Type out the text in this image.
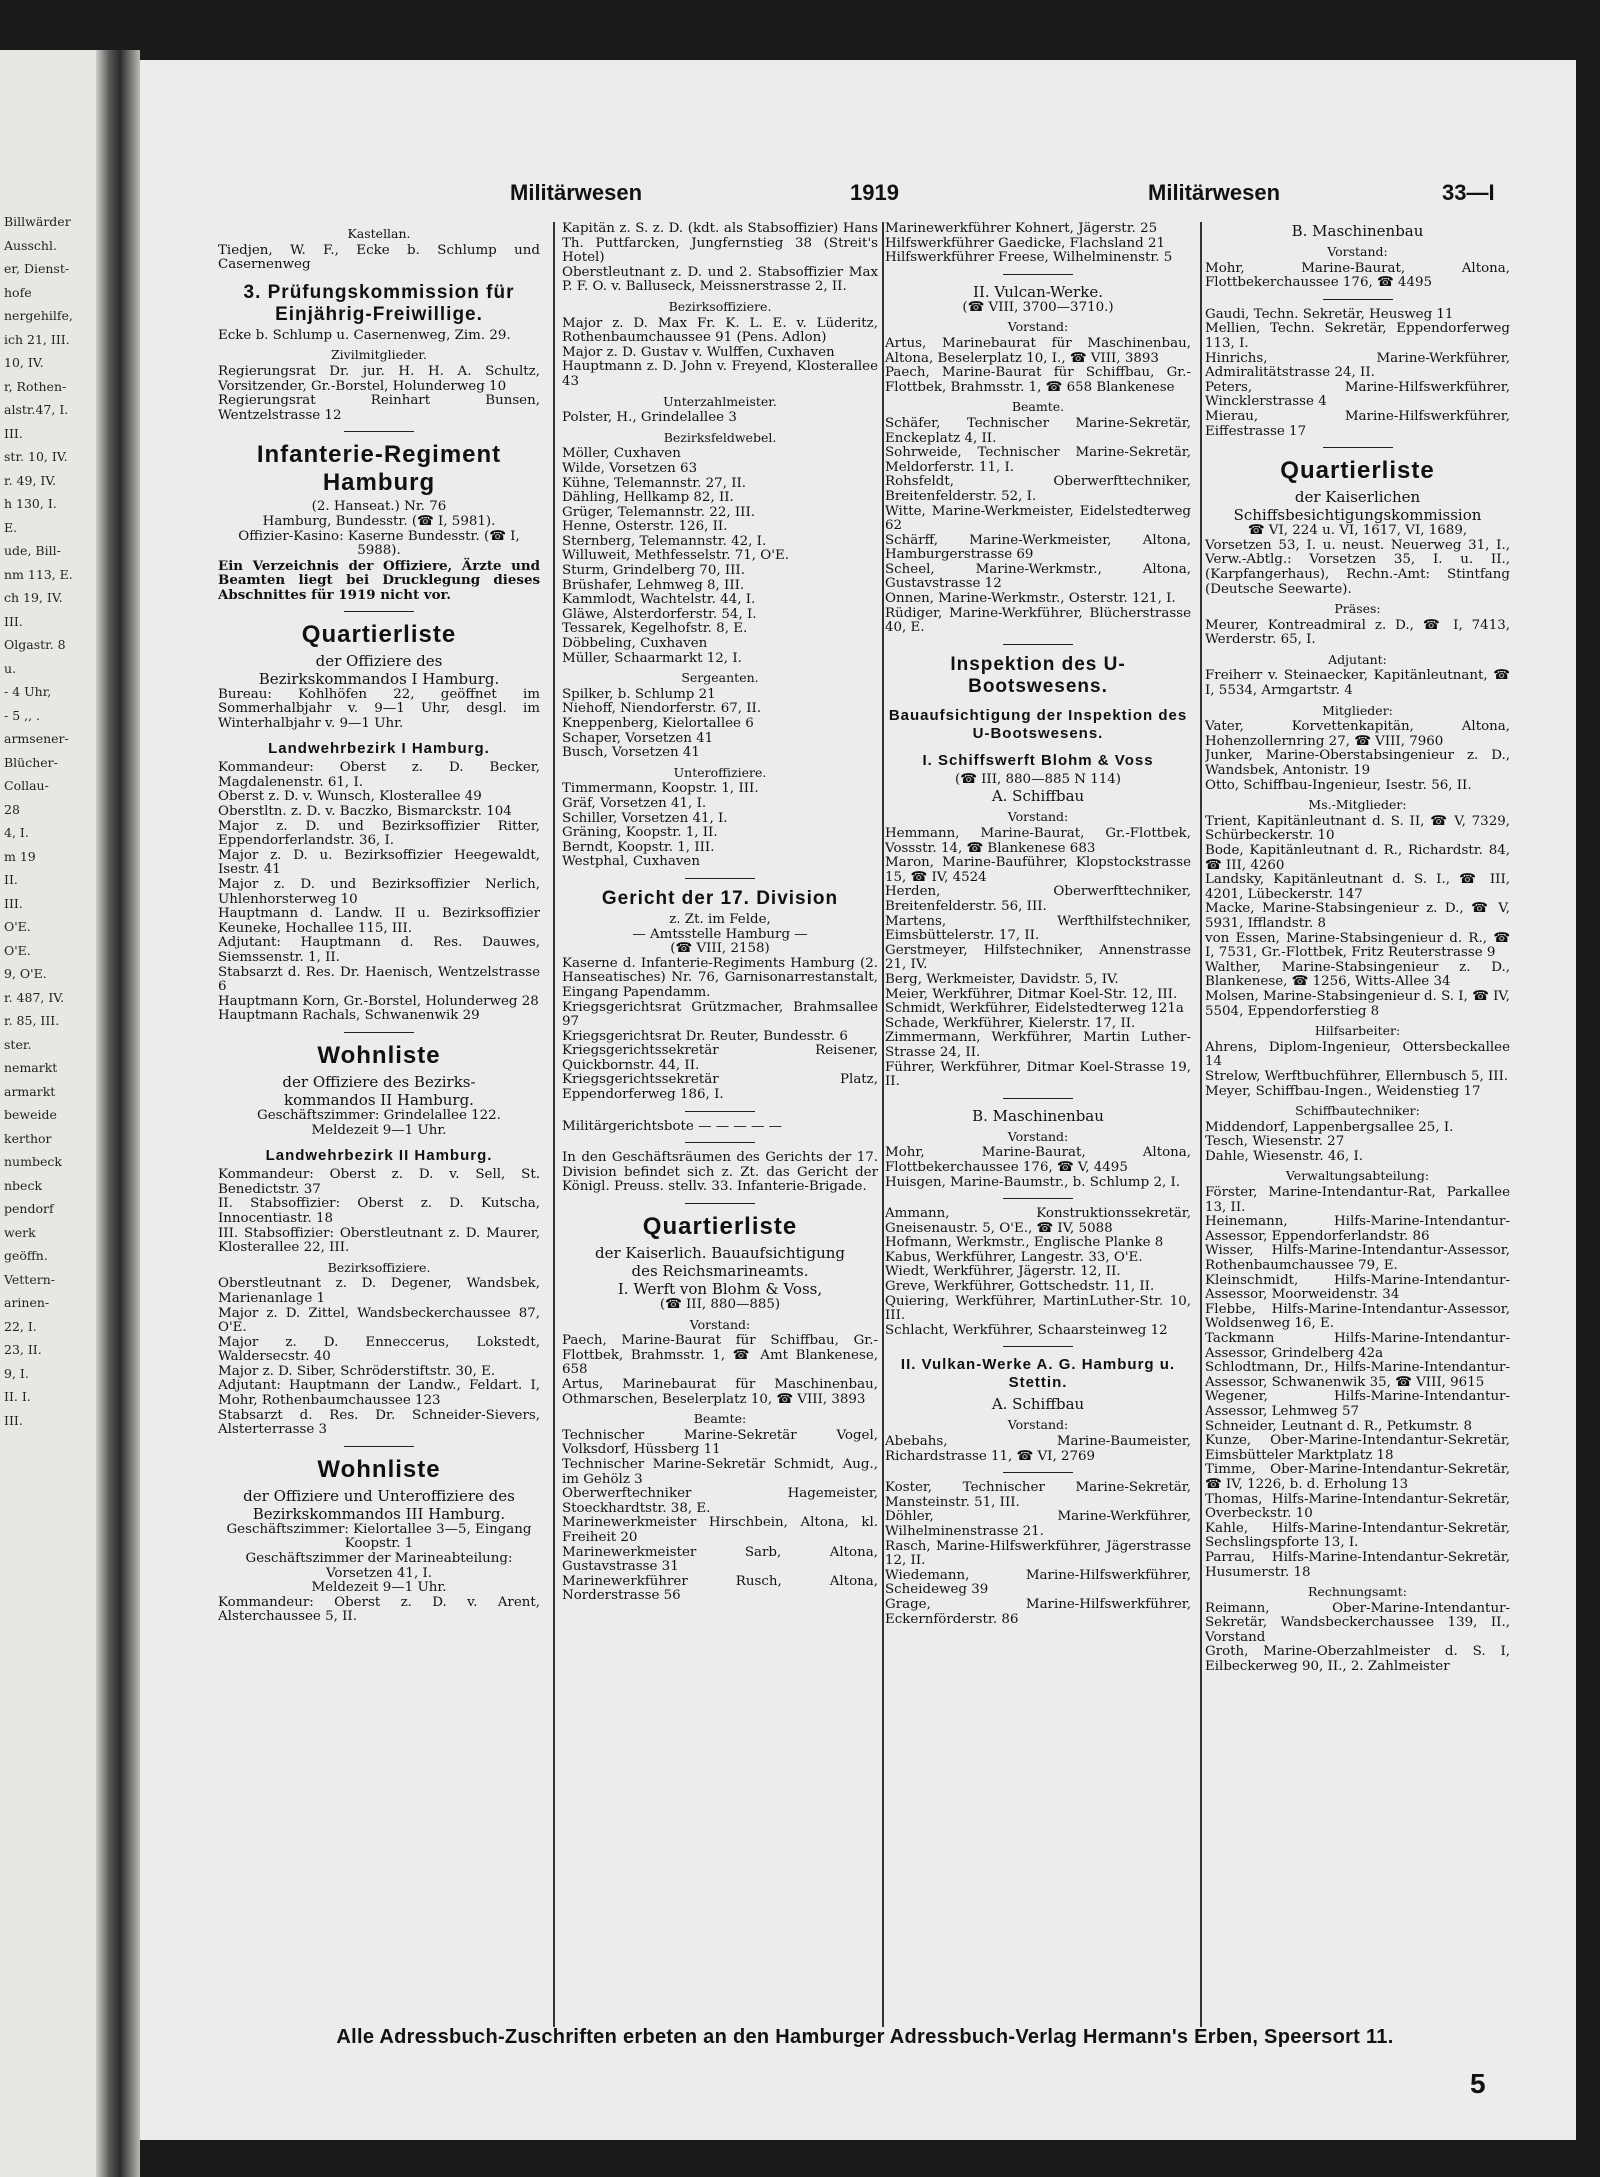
Billwärder
Ausschl.
er, Dienst-
hofe
nergehilfe,
ich 21, III.
10, IV.
r, Rothen-
alstr.47, I.
III.
str. 10, IV.
r. 49, IV.
h 130, I.
E.
ude, Bill-
nm 113, E.
ch 19, IV.
III.
Olgastr. 8
u.
- 4 Uhr,
- 5 ,, .
armsener-
Blücher-
Collau-
28
4, I.
m 19
II.
III.
O'E.
O'E.
9, O'E.
r. 487, IV.
r. 85, III.
ster.
nemarkt
armarkt
beweide
kerthor
numbeck
nbeck
pendorf
werk
geöffn.
Vettern-
arinen-
22, I.
23, II.
9, I.
II. I.
III.
Militärwesen	1919	Militärwesen	33—I
Kastellan.
Tiedjen, W. F., Ecke b. Schlump und Casernenweg
3. Prüfungskommission für Einjährig-Freiwillige.
Ecke b. Schlump u. Casernenweg, Zim. 29.
Zivilmitglieder.
Regierungsrat Dr. jur. H. H. A. Schultz, Vorsitzender, Gr.-Borstel, Holunderweg 10
Regierungsrat Reinhart Bunsen, Wentzelstrasse 12
Infanterie-Regiment Hamburg
(2. Hanseat.) Nr. 76
Hamburg, Bundesstr. (☎ I, 5981).
Offizier-Kasino: Kaserne Bundesstr. (☎ I, 5988).
Ein Verzeichnis der Offiziere, Ärzte und Beamten liegt bei Drucklegung dieses Abschnittes für 1919 nicht vor.
Quartierliste
der Offiziere des
Bezirkskommandos I Hamburg.
Bureau: Kohlhöfen 22, geöffnet im Sommerhalbjahr v. 9—1 Uhr, desgl. im Winterhalbjahr v. 9—1 Uhr.
Landwehrbezirk I Hamburg.
Kommandeur: Oberst z. D. Becker, Magdalenenstr. 61, I.
Oberst z. D. v. Wunsch, Klosterallee 49
Oberstltn. z. D. v. Baczko, Bismarckstr. 104
Major z. D. und Bezirksoffizier Ritter, Eppendorferlandstr. 36, I.
Major z. D. u. Bezirksoffizier Heegewaldt, Isestr. 41
Major z. D. und Bezirksoffizier Nerlich, Uhlenhorsterweg 10
Hauptmann d. Landw. II u. Bezirksoffizier Keuneke, Hochallee 115, III.
Adjutant: Hauptmann d. Res. Dauwes, Siemssenstr. 1, II.
Stabsarzt d. Res. Dr. Haenisch, Wentzelstrasse 6
Hauptmann Korn, Gr.-Borstel, Holunderweg 28
Hauptmann Rachals, Schwanenwik 29
Wohnliste
der Offiziere des Bezirks-
kommandos II Hamburg.
Geschäftszimmer: Grindelallee 122.
Meldezeit 9—1 Uhr.
Landwehrbezirk II Hamburg.
Kommandeur: Oberst z. D. v. Sell, St. Benedictstr. 37
II. Stabsoffizier: Oberst z. D. Kutscha, Innocentiastr. 18
III. Stabsoffizier: Oberstleutnant z. D. Maurer, Klosterallee 22, III.
Bezirksoffiziere.
Oberstleutnant z. D. Degener, Wandsbek, Marienanlage 1
Major z. D. Zittel, Wandsbeckerchaussee 87, O'E.
Major z. D. Enneccerus, Lokstedt, Waldersecstr. 40
Major z. D. Siber, Schröderstiftstr. 30, E.
Adjutant: Hauptmann der Landw., Feldart. I, Mohr, Rothenbaumchaussee 123
Stabsarzt d. Res. Dr. Schneider-Sievers, Alsterterrasse 3
Wohnliste
der Offiziere und Unteroffiziere des
Bezirkskommandos III Hamburg.
Geschäftszimmer: Kielortallee 3—5, Eingang Koopstr. 1
Geschäftszimmer der Marineabteilung: Vorsetzen 41, I.
Meldezeit 9—1 Uhr.
Kommandeur: Oberst z. D. v. Arent, Alsterchaussee 5, II.
Kapitän z. S. z. D. (kdt. als Stabsoffizier) Hans Th. Puttfarcken, Jungfernstieg 38 (Streit's Hotel)
Oberstleutnant z. D. und 2. Stabsoffizier Max P. F. O. v. Balluseck, Meissnerstrasse 2, II.
Bezirksoffiziere.
Major z. D. Max Fr. K. L. E. v. Lüderitz, Rothenbaumchaussee 91 (Pens. Adlon)
Major z. D. Gustav v. Wulffen, Cuxhaven
Hauptmann z. D. John v. Freyend, Klosterallee 43
Unterzahlmeister.
Polster, H., Grindelallee 3
Bezirksfeldwebel.
Möller, Cuxhaven
Wilde, Vorsetzen 63
Kühne, Telemannstr. 27, II.
Dähling, Hellkamp 82, II.
Grüger, Telemannstr. 22, III.
Henne, Osterstr. 126, II.
Sternberg, Telemannstr. 42, I.
Willuweit, Methfesselstr. 71, O'E.
Sturm, Grindelberg 70, III.
Brüshafer, Lehmweg 8, III.
Kammlodt, Wachtelstr. 44, I.
Gläwe, Alsterdorferstr. 54, I.
Tessarek, Kegelhofstr. 8, E.
Döbbeling, Cuxhaven
Müller, Schaarmarkt 12, I.
Sergeanten.
Spilker, b. Schlump 21
Niehoff, Niendorferstr. 67, II.
Kneppenberg, Kielortallee 6
Schaper, Vorsetzen 41
Busch, Vorsetzen 41
Unteroffiziere.
Timmermann, Koopstr. 1, III.
Gräf, Vorsetzen 41, I.
Schiller, Vorsetzen 41, I.
Gräning, Koopstr. 1, II.
Berndt, Koopstr. 1, III.
Westphal, Cuxhaven
Gericht der 17. Division
z. Zt. im Felde,
— Amtsstelle Hamburg —
(☎ VIII, 2158)
Kaserne d. Infanterie-Regiments Hamburg (2. Hanseatisches) Nr. 76, Garnisonarrestanstalt, Eingang Papendamm.
Kriegsgerichtsrat Grützmacher, Brahmsallee 97
Kriegsgerichtsrat Dr. Reuter, Bundesstr. 6
Kriegsgerichtssekretär Reisener, Quickbornstr. 44, II.
Kriegsgerichtssekretär Platz, Eppendorferweg 186, I.
Militärgerichtsbote — — — — —
In den Geschäftsräumen des Gerichts der 17. Division befindet sich z. Zt. das Gericht der Königl. Preuss. stellv. 33. Infanterie-Brigade.
Quartierliste
der Kaiserlich. Bauaufsichtigung
des Reichsmarineamts.
I. Werft von Blohm & Voss,
(☎ III, 880—885)
Vorstand:
Paech, Marine-Baurat für Schiffbau, Gr.-Flottbek, Brahmsstr. 1, ☎ Amt Blankenese, 658
Artus, Marinebaurat für Maschinenbau, Othmarschen, Beselerplatz 10, ☎ VIII, 3893
Beamte:
Technischer Marine-Sekretär Vogel, Volksdorf, Hüssberg 11
Technischer Marine-Sekretär Schmidt, Aug., im Gehölz 3
Oberwerftechniker Hagemeister, Stoeckhardtstr. 38, E.
Marinewerkmeister Hirschbein, Altona, kl. Freiheit 20
Marinewerkmeister Sarb, Altona, Gustavstrasse 31
Marinewerkführer Rusch, Altona, Norderstrasse 56
Marinewerkführer Kohnert, Jägerstr. 25
Hilfswerkführer Gaedicke, Flachsland 21
Hilfswerkführer Freese, Wilhelminenstr. 5
II. Vulcan-Werke.
(☎ VIII, 3700—3710.)
Vorstand:
Artus, Marinebaurat für Maschinenbau, Altona, Beselerplatz 10, I., ☎ VIII, 3893
Paech, Marine-Baurat für Schiffbau, Gr.-Flottbek, Brahmsstr. 1, ☎ 658 Blankenese
Beamte.
Schäfer, Technischer Marine-Sekretär, Enckeplatz 4, II.
Sohrweide, Technischer Marine-Sekretär, Meldorferstr. 11, I.
Rohsfeldt, Oberwerfttechniker, Breitenfelderstr. 52, I.
Witte, Marine-Werkmeister, Eidelstedterweg 62
Schärff, Marine-Werkmeister, Altona, Hamburgerstrasse 69
Scheel, Marine-Werkmstr., Altona, Gustavstrasse 12
Onnen, Marine-Werkmstr., Osterstr. 121, I.
Rüdiger, Marine-Werkführer, Blücherstrasse 40, E.
Inspektion des U-Bootswesens.
Bauaufsichtigung der Inspektion des U-Bootswesens.
I. Schiffswerft Blohm & Voss
(☎ III, 880—885 N 114)
A. Schiffbau
Vorstand:
Hemmann, Marine-Baurat, Gr.-Flottbek, Vossstr. 14, ☎ Blankenese 683
Maron, Marine-Bauführer, Klopstockstrasse 15, ☎ IV, 4524
Herden, Oberwerfttechniker, Breitenfelderstr. 56, III.
Martens, Werfthilfstechniker, Eimsbüttelerstr. 17, II.
Gerstmeyer, Hilfstechniker, Annenstrasse 21, IV.
Berg, Werkmeister, Davidstr. 5, IV.
Meier, Werkführer, Ditmar Koel-Str. 12, III.
Schmidt, Werkführer, Eidelstedterweg 121a
Schade, Werkführer, Kielerstr. 17, II.
Zimmermann, Werkführer, Martin Luther-Strasse 24, II.
Führer, Werkführer, Ditmar Koel-Strasse 19, II.
B. Maschinenbau
Vorstand:
Mohr, Marine-Baurat, Altona, Flottbekerchaussee 176, ☎ V, 4495
Huisgen, Marine-Baumstr., b. Schlump 2, I.
Ammann, Konstruktionssekretär, Gneisenaustr. 5, O'E., ☎ IV, 5088
Hofmann, Werkmstr., Englische Planke 8
Kabus, Werkführer, Langestr. 33, O'E.
Wiedt, Werkführer, Jägerstr. 12, II.
Greve, Werkführer, Gottschedstr. 11, II.
Quiering, Werkführer, MartinLuther-Str. 10, III.
Schlacht, Werkführer, Schaarsteinweg 12
II. Vulkan-Werke A. G. Hamburg u. Stettin.
A. Schiffbau
Vorstand:
Abebahs, Marine-Baumeister, Richardstrasse 11, ☎ VI, 2769
Koster, Technischer Marine-Sekretär, Mansteinstr. 51, III.
Döhler, Marine-Werkführer, Wilhelminenstrasse 21.
Rasch, Marine-Hilfswerkführer, Jägerstrasse 12, II.
Wiedemann, Marine-Hilfswerkführer, Scheideweg 39
Grage, Marine-Hilfswerkführer, Eckernförderstr. 86
B. Maschinenbau
Vorstand:
Mohr, Marine-Baurat, Altona, Flottbekerchaussee 176, ☎ 4495
Gaudi, Techn. Sekretär, Heusweg 11
Mellien, Techn. Sekretär, Eppendorferweg 113, I.
Hinrichs, Marine-Werkführer, Admiralitätstrasse 24, II.
Peters, Marine-Hilfswerkführer, Wincklerstrasse 4
Mierau, Marine-Hilfswerkführer, Eiffestrasse 17
Quartierliste
der Kaiserlichen
Schiffsbesichtigungskommission
☎ VI, 224 u. VI, 1617, VI, 1689,
Vorsetzen 53, I. u. neust. Neuerweg 31, I., Verw.-Abtlg.: Vorsetzen 35, I. u. II., (Karpfangerhaus), Rechn.-Amt: Stintfang (Deutsche Seewarte).
Präses:
Meurer, Kontreadmiral z. D., ☎ I, 7413, Werderstr. 65, I.
Adjutant:
Freiherr v. Steinaecker, Kapitänleutnant, ☎ I, 5534, Armgartstr. 4
Mitglieder:
Vater, Korvettenkapitän, Altona, Hohenzollernring 27, ☎ VIII, 7960
Junker, Marine-Oberstabsingenieur z. D., Wandsbek, Antonistr. 19
Otto, Schiffbau-Ingenieur, Isestr. 56, II.
Ms.-Mitglieder:
Trient, Kapitänleutnant d. S. II, ☎ V, 7329, Schürbeckerstr. 10
Bode, Kapitänleutnant d. R., Richardstr. 84, ☎ III, 4260
Landsky, Kapitänleutnant d. S. I., ☎ III, 4201, Lübeckerstr. 147
Macke, Marine-Stabsingenieur z. D., ☎ V, 5931, Ifflandstr. 8
von Essen, Marine-Stabsingenieur d. R., ☎ I, 7531, Gr.-Flottbek, Fritz Reuterstrasse 9
Walther, Marine-Stabsingenieur z. D., Blankenese, ☎ 1256, Witts-Allee 34
Molsen, Marine-Stabsingenieur d. S. I, ☎ IV, 5504, Eppendorferstieg 8
Hilfsarbeiter:
Ahrens, Diplom-Ingenieur, Ottersbeckallee 14
Strelow, Werftbuchführer, Ellernbusch 5, III.
Meyer, Schiffbau-Ingen., Weidenstieg 17
Schiffbautechniker:
Middendorf, Lappenbergsallee 25, I.
Tesch, Wiesenstr. 27
Dahle, Wiesenstr. 46, I.
Verwaltungsabteilung:
Förster, Marine-Intendantur-Rat, Parkallee 13, II.
Heinemann, Hilfs-Marine-Intendantur-Assessor, Eppendorferlandstr. 86
Wisser, Hilfs-Marine-Intendantur-Assessor, Rothenbaumchaussee 79, E.
Kleinschmidt, Hilfs-Marine-Intendantur-Assessor, Moorweidenstr. 34
Flebbe, Hilfs-Marine-Intendantur-Assessor, Woldsenweg 16, E.
Tackmann Hilfs-Marine-Intendantur-Assessor, Grindelberg 42a
Schlodtmann, Dr., Hilfs-Marine-Intendantur-Assessor, Schwanenwik 35, ☎ VIII, 9615
Wegener, Hilfs-Marine-Intendantur-Assessor, Lehmweg 57
Schneider, Leutnant d. R., Petkumstr. 8
Kunze, Ober-Marine-Intendantur-Sekretär, Eimsbütteler Marktplatz 18
Timme, Ober-Marine-Intendantur-Sekretär, ☎ IV, 1226, b. d. Erholung 13
Thomas, Hilfs-Marine-Intendantur-Sekretär, Overbeckstr. 10
Kahle, Hilfs-Marine-Intendantur-Sekretär, Sechslingspforte 13, I.
Parrau, Hilfs-Marine-Intendantur-Sekretär, Husumerstr. 18
Rechnungsamt:
Reimann, Ober-Marine-Intendantur-Sekretär, Wandsbeckerchaussee 139, II., Vorstand
Groth, Marine-Oberzahlmeister d. S. I, Eilbeckerweg 90, II., 2. Zahlmeister
Alle Adressbuch-Zuschriften erbeten an den Hamburger Adressbuch-Verlag Hermann's Erben, Speersort 11.
5
